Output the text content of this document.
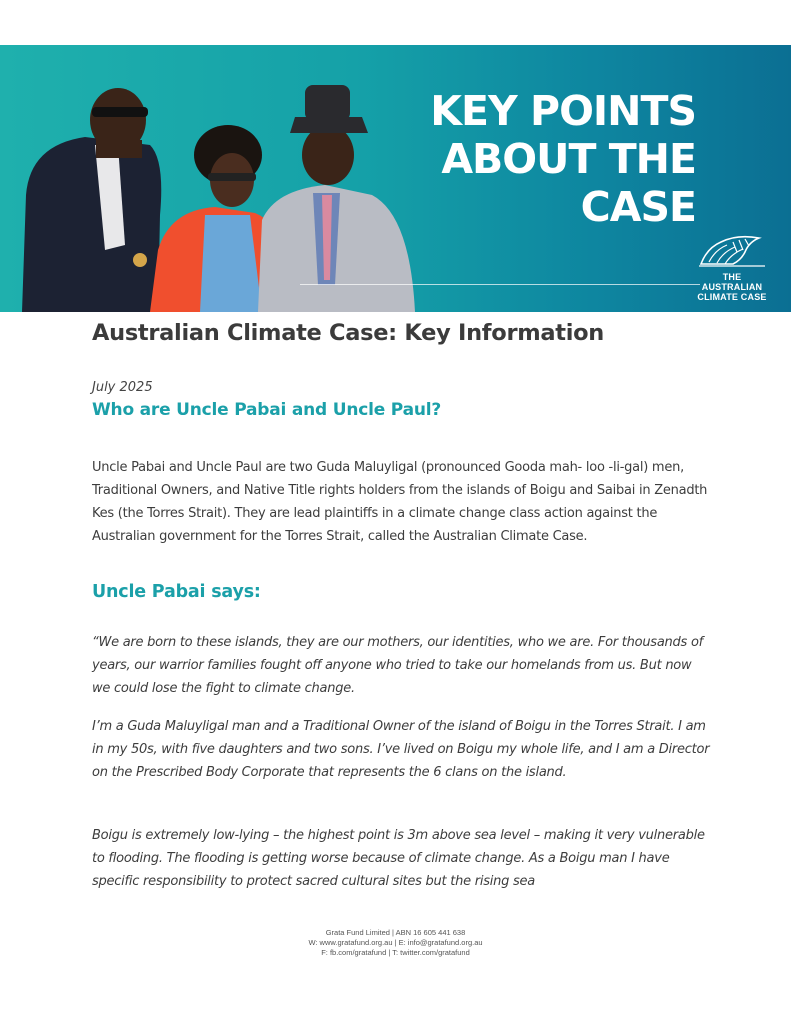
KEY POINTS
ABOUT THE
CASE
THE AUSTRALIAN
CLIMATE CASE
Australian Climate Case: Key Information
July 2025
Who are Uncle Pabai and Uncle Paul?

Uncle Pabai and Uncle Paul are two Guda Maluyligal (pronounced Gooda mah- loo -li-gal) men, Traditional Owners, and Native Title rights holders from the islands of Boigu and Saibai in Zenadth Kes (the Torres Strait). They are lead plaintiffs in a climate change class action against the Australian government for the Torres Strait, called the Australian Climate Case.

Uncle Pabai says:

“We are born to these islands, they are our mothers, our identities, who we are. For thousands of years, our warrior families fought off anyone who tried to take our homelands from us. But now we could lose the fight to climate change.

I’m a Guda Maluyligal man and a Traditional Owner of the island of Boigu in the Torres Strait. I am in my 50s, with five daughters and two sons. I’ve lived on Boigu my whole life, and I am a Director on the Prescribed Body Corporate that represents the 6 clans on the island.

Boigu is extremely low-lying – the highest point is 3m above sea level – making it very vulnerable to flooding. The flooding is getting worse because of climate change. As a Boigu man I have specific responsibility to protect sacred cultural sites but the rising sea

Grata Fund Limited | ABN 16 605 441 638
W: www.gratafund.org.au | E: info@gratafund.org.au
F: fb.com/gratafund | T: twitter.com/gratafund
